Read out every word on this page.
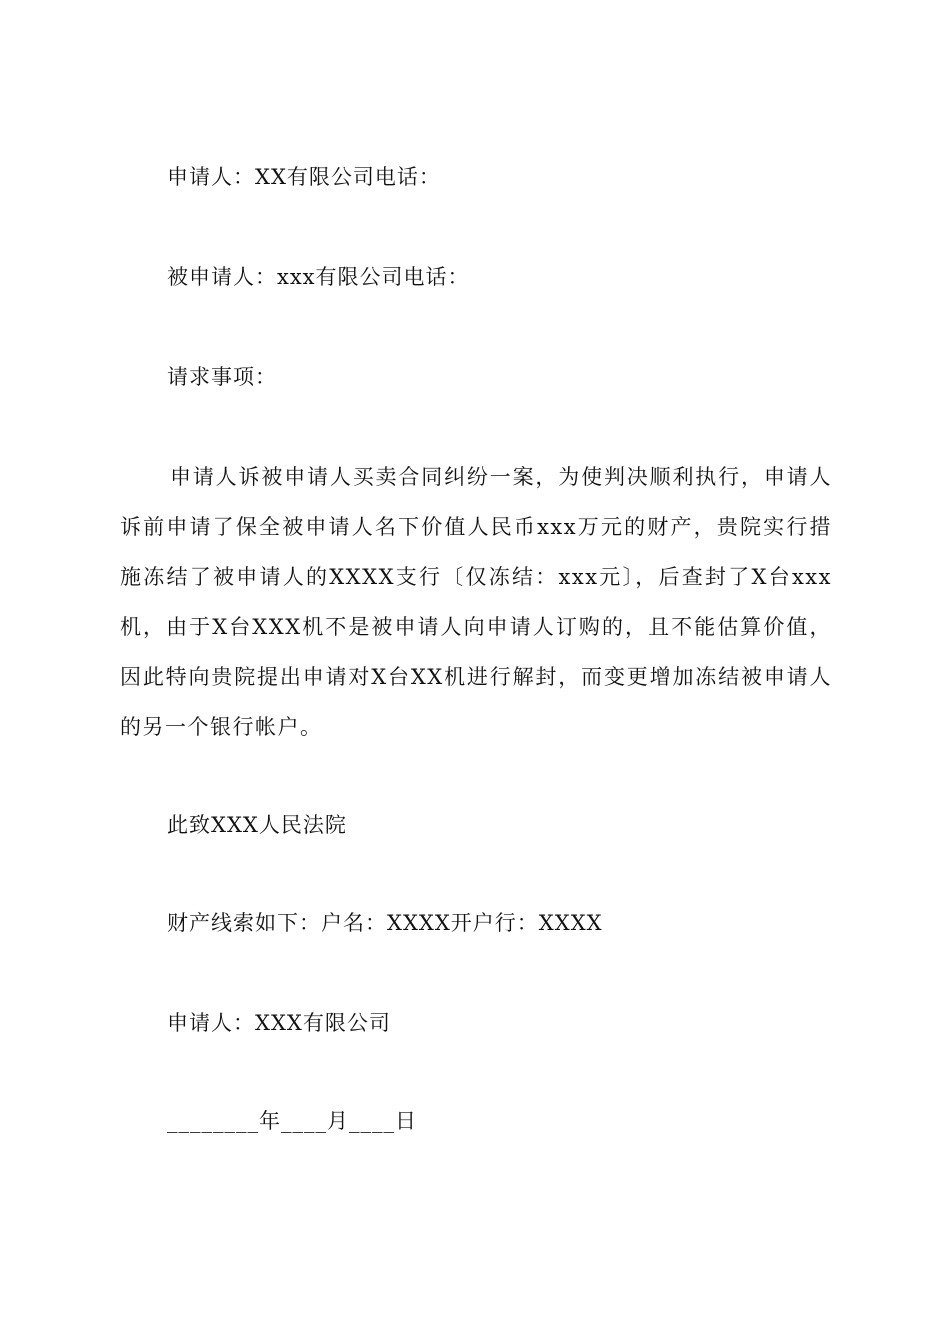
申请人：XX有限公司电话：
被申请人：xxx有限公司电话：
请求事项：
申请人诉被申请人买卖合同纠纷一案，为使判决顺利执行，申请人诉前申请了保全被申请人名下价值人民币xxx万元的财产，贵院实行措施冻结了被申请人的XXXX支行〔仅冻结：xxx元〕，后查封了X台xxx机，由于X台XXX机不是被申请人向申请人订购的，且不能估算价值，因此特向贵院提出申请对X台XX机进行解封，而变更增加冻结被申请人的另一个银行帐户。
此致XXX人民法院
财产线索如下：户名：XXXX开户行：XXXX
申请人：XXX有限公司
________年____月____日
